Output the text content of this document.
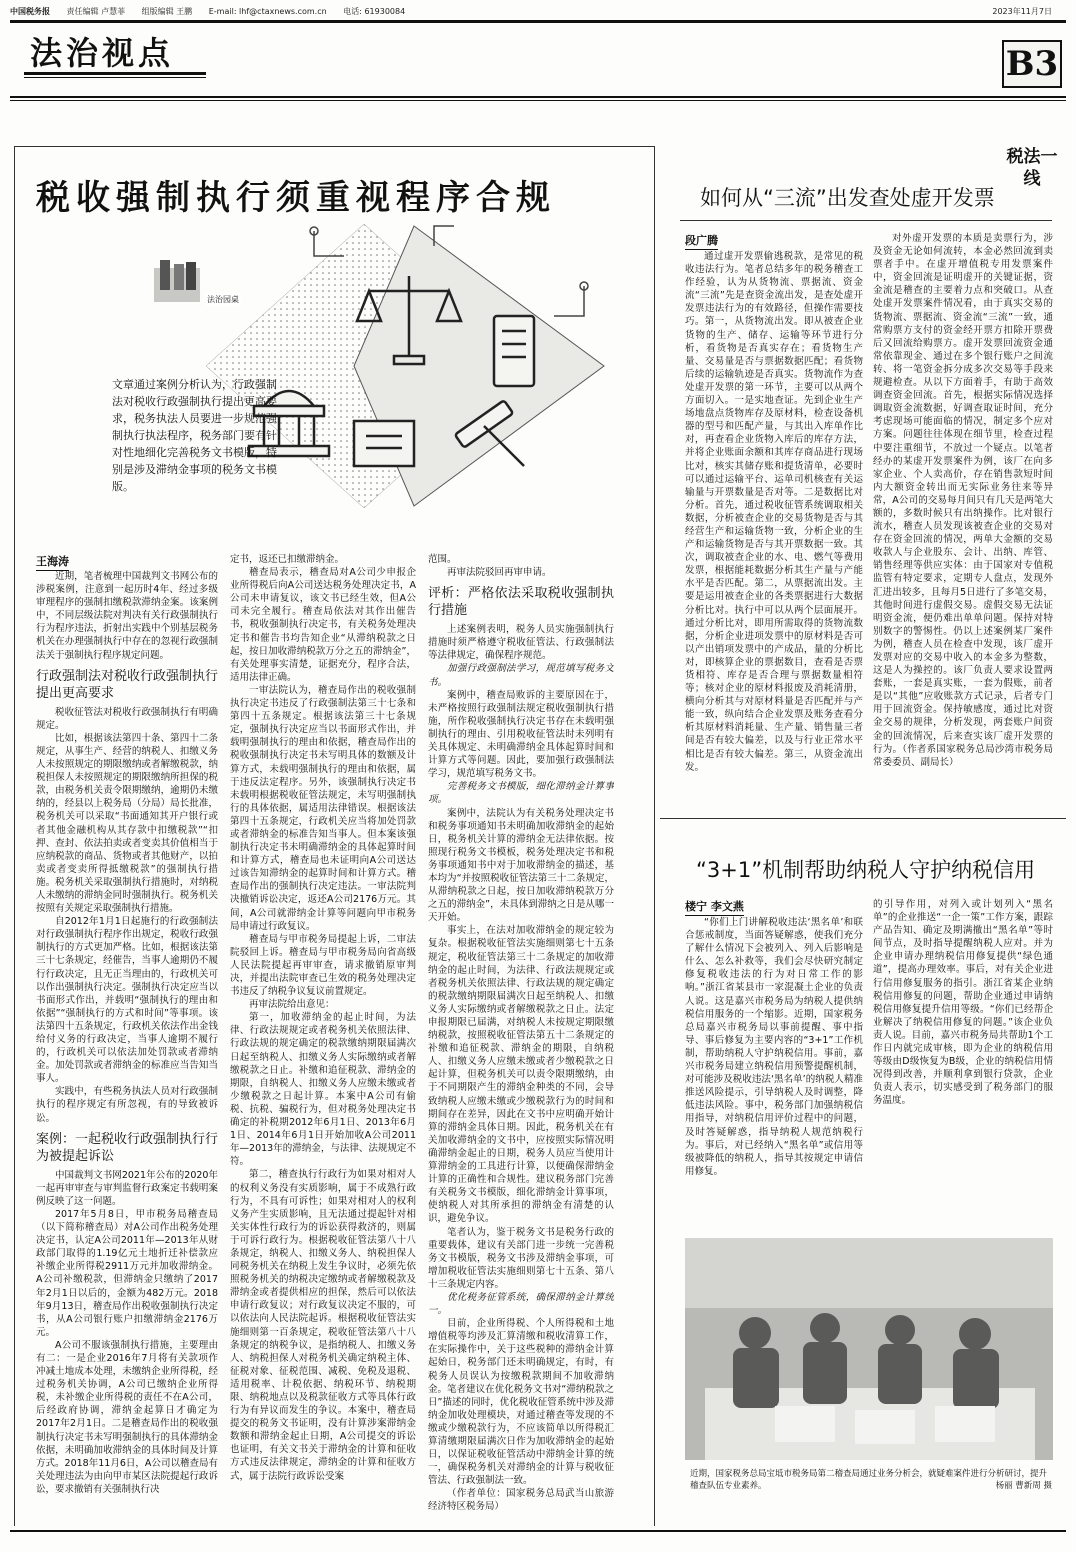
中国税务报 责任编辑 卢慧菲 组版编辑 王鹏 E-mail: lhf@ctaxnews.com.cn 电话: 61930084	2023年11月7日
法治视点	B3
税收强制执行须重视程序合规
法治园桌
文章通过案例分析认为，行政强制法对税收行政强制执行提出更高要求，税务执法人员要进一步规范强制执行执法程序，税务部门要有针对性地细化完善税务文书模版，特别是涉及滞纳金事项的税务文书模版。
王海涛

近期，笔者梳理中国裁判文书网公布的涉税案例，注意到一起历时4年、经过多级审理程序的强制扣缴税款滞纳金案。该案例中，不同层级法院对判决有关行政强制执行行为程序违法，折射出实践中个别基层税务机关在办理强制执行中存在的忽视行政强制法关于强制执行程序规定问题。

行政强制法对税收行政强制执行提出更高要求

税收征管法对税收行政强制执行有明确规定。

比如，根据该法第四十条、第四十二条规定，从事生产、经营的纳税人、扣缴义务人未按照规定的期限缴纳或者解缴税款，纳税担保人未按照规定的期限缴纳所担保的税款，由税务机关责令限期缴纳，逾期仍未缴纳的，经县以上税务局（分局）局长批准，税务机关可以采取“书面通知其开户银行或者其他金融机构从其存款中扣缴税款”“扣押、查封、依法拍卖或者变卖其价值相当于应纳税款的商品、货物或者其他财产，以拍卖或者变卖所得抵缴税款”的强制执行措施。税务机关采取强制执行措施时，对纳税人未缴纳的滞纳金同时强制执行。税务机关按照有关规定采取强制执行措施。

自2012年1月1日起施行的行政强制法对行政强制执行程序作出规定，税收行政强制执行的方式更加严格。比如，根据该法第三十七条规定，经催告，当事人逾期仍不履行行政决定，且无正当理由的，行政机关可以作出强制执行决定。强制执行决定应当以书面形式作出，并载明“强制执行的理由和依据”“强制执行的方式和时间”等事项。该法第四十五条规定，行政机关依法作出金钱给付义务的行政决定，当事人逾期不履行的，行政机关可以依法加处罚款或者滞纳金。加处罚款或者滞纳金的标准应当告知当事人。

实践中，有些税务执法人员对行政强制执行的程序规定有所忽视，有的导致被诉讼。

案例：一起税收行政强制执行行为被提起诉讼

中国裁判文书网2021年公布的2020年一起再审审查与审判监督行政案定书载明案例反映了这一问题。

2017年5月8日，甲市税务局稽查局（以下简称稽查局）对A公司作出税务处理决定书，认定A公司2011年—2013年从财政部门取得的1.19亿元土地折迁补偿款应补缴企业所得税2911万元并加收滞纳金。A公司补缴税款，但滞纳金只缴纳了2017年2月1日以后的，金额为482万元。2018年9月13日，稽查局作出税收强制执行决定书，从A公司银行账户扣缴滞纳金2176万元。

A公司不服该强制执行措施，主要理由有二：一是企业2016年7月将有关款项作冲减土地成本处理，未缴纳企业所得税，经过税务机关协调，A公司已缴纳企业所得税，未补缴企业所得税的责任不在A公司，后经政府协调，滞纳金起算日才确定为2017年2月1日。二是稽查局作出的税收强制执行决定书未写明强制执行的具体滞纳金依据，未明确加收滞纳金的具体时间及计算方式。2018年11月6日，A公司以稽查局有关处理违法为由向甲市某区法院提起行政诉讼，要求撤销有关强制执行决

定书，返还已扣缴滞纳金。

稽查局表示，稽查局对A公司少申报企业所得税后向A公司送达税务处理决定书，A公司未申请复议，该文书已经生效，但A公司未完全履行。稽查局依法对其作出催告书，税收强制执行决定书，有关税务处理决定书和催告书均告知企业“从滞纳税款之日起，按日加收滞纳税款万分之五的滞纳金”，有关处理事实清楚，证据充分，程序合法，适用法律正确。

一审法院认为，稽查局作出的税收强制执行决定书违反了行政强制法第三十七条和第四十五条规定。根据该法第三十七条规定，强制执行决定应当以书面形式作出，并载明强制执行的理由和依据，稽查局作出的税收强制执行决定书未写明具体的数额及计算方式，未载明强制执行的理由和依据，属于违反法定程序。另外，该强制执行决定书未载明根据税收征管法规定，未写明强制执行的具体依据，属适用法律错误。根据该法第四十五条规定，行政机关应当将加处罚款或者滞纳金的标准告知当事人。但本案该强制执行决定书未明确滞纳金的具体起算时间和计算方式，稽查局也未证明向A公司送达过该告知滞纳金的起算时间和计算方式。稽查局作出的强制执行决定违法。一审法院判决撤销诉讼决定，返还A公司2176万元。其间，A公司就滞纳金计算等问题向甲市税务局申请过行政复议。

稽查局与甲市税务局提起上诉，二审法院驳回上诉。稽查局与甲市税务局向省高级人民法院提起再审审查，请求撤销原审判决，并提出法院审查已生效的税务处理决定书违反了纳税争议复议前置规定。

再审法院给出意见：

第一，加收滞纳金的起止时间，为法律、行政法规规定或者税务机关依照法律、行政法规的规定确定的税款缴纳期限届满次日起至纳税人、扣缴义务人实际缴纳或者解缴税款之日止。补缴和追征税款、滞纳金的期限，自纳税人、扣缴义务人应缴未缴或者少缴税款之日起计算。本案中A公司有偷税、抗税、骗税行为，但对税务处理决定书确定的补税期2012年6月1日、2013年6月1日、2014年6月1日开始加收A公司2011年—2013年的滞纳金，与法律、法规规定不符。

第二，稽查执行行政行为如果对相对人的权利义务没有实质影响，属于不成熟行政行为，不具有可诉性；如果对相对人的权利义务产生实质影响，且无法通过提起针对相关实体性行政行为的诉讼获得救济的，则属于可诉行政行为。根据税收征管法第八十八条规定，纳税人、扣缴义务人、纳税担保人同税务机关在纳税上发生争议时，必须先依照税务机关的纳税决定缴纳或者解缴税款及滞纳金或者提供相应的担保，然后可以依法申请行政复议；对行政复议决定不服的，可以依法向人民法院起诉。根据税收征管法实施细则第一百条规定，税收征管法第八十八条规定的纳税争议，是指纳税人、扣缴义务人、纳税担保人对税务机关确定纳税主体、征税对象、征税范围、减税、免税及退税、适用税率、计税依据、纳税环节、纳税期限、纳税地点以及税款征收方式等具体行政行为有异议而发生的争议。本案中，稽查局提交的税务文书证明，没有计算涉案滞纳金数额和滞纳金起止日期，A公司提交的诉讼也证明，有关文书关于滞纳金的计算和征收方式违反法律规定，滞纳金的计算和征收方式，属于法院行政诉讼受案

范围。

再审法院驳回再审申请。

评析：严格依法采取税收强制执行措施

上述案例表明，税务人员实施强制执行措施时须严格遵守税收征管法、行政强制法等法律规定，确保程序规范。

加强行政强制法学习，规范填写税务文书。

案例中，稽查局败诉的主要原因在于，未严格按照行政强制法规定税收强制执行措施，所作税收强制执行决定书存在未载明强制执行的理由、引用税收征管法时未列明有关具体规定、未明确滞纳金具体起算时间和计算方式等问题。因此，要加强行政强制法学习，规范填写税务文书。

完善税务文书模版，细化滞纳金计算事项。

案例中，法院认为有关税务处理决定书和税务事项通知书未明确加收滞纳金的起始日，税务机关计算的滞纳金无法律依据。按照现行税务文书模板，税务处理决定书和税务事项通知书中对于加收滞纳金的描述，基本均为“并按照税收征管法第三十二条规定，从滞纳税款之日起，按日加收滞纳税款万分之五的滞纳金”，未具体到滞纳之日是从哪一天开始。

事实上，在法对加收滞纳金的规定较为复杂。根据税收征管法实施细则第七十五条规定，税收征管法第三十二条规定的加收滞纳金的起止时间，为法律、行政法规规定或者税务机关依照法律、行政法规的规定确定的税款缴纳期限届满次日起至纳税人、扣缴义务人实际缴纳或者解缴税款之日止。法定申报期限已届满，对纳税人未按规定期限缴纳税款，按照税收征管法第五十二条规定的补缴和追征税款、滞纳金的期限，自纳税人、扣缴义务人应缴未缴或者少缴税款之日起计算，但税务机关可以责令限期缴纳，由于不同期限产生的滞纳金种类的不同，会导致纳税人应缴未缴或少缴税款行为的时间和期间存在差异，因此在文书中应明确开始计算的滞纳金具体日期。因此，税务机关在有关加收滞纳金的文书中，应按照实际情况明确滞纳金起止的日期，税务人员应当使用计算滞纳金的工具进行计算，以便确保滞纳金计算的正确性和合规性。建议税务部门完善有关税务文书模版，细化滞纳金计算事项，使纳税人对其所承担的滞纳金有清楚的认识，避免争议。

笔者认为，鉴于税务文书是税务行政的重要载体，建议有关部门进一步统一完善税务文书模版，税务文书涉及滞纳金事项，可增加税收征管法实施细则第七十五条、第八十三条规定内容。

优化税务征管系统，确保滞纳金计算统一。

目前，企业所得税、个人所得税和土地增值税等均涉及汇算清缴和税收清算工作，在实际操作中，关于这些税种的滞纳金计算起始日，税务部门还未明确规定，有时，有税务人员误认为按缴税款期间不加收滞纳金。笔者建议在优化税务文书对“滞纳税款之日”描述的同时，优化税收征管系统中涉及滞纳金加收处理模块，对通过稽查等发现的不缴或少缴税款行为，不应该简单以所得税汇算清缴期限届满次日作为加收滞纳金的起始日，以保证税收征管活动中滞纳金计算的统一，确保税务机关对滞纳金的计算与税收征管法、行政强制法一致。

（作者单位：国家税务总局武当山旅游经济特区税务局）

税法一线
如何从“三流”出发查处虚开发票
段广腾

通过虚开发票偷逃税款，是常见的税收违法行为。笔者总结多年的税务稽查工作经验，认为从货物流、票据流、资金流“三流”先是查资金流出发，是查处虚开发票违法行为的有效路径，但操作需要技巧。第一，从货物流出发。即从被查企业货物的生产、储存、运输等环节进行分析，看货物是否真实存在；看货物生产量、交易量是否与票据数据匹配；看货物后续的运输轨迹是否真实。货物流作为查处虚开发票的第一环节，主要可以从两个方面切入。一是实地查证。先到企业生产场地盘点货物库存及原材料，检查设备机器的型号和匹配产量，与其出入库单作比对，再查看企业货物入库后的库存方法，并将企业账面余额和其库存商品进行现场比对，核实其储存账和提货清单，必要时可以通过运输平台、运单司机核查有关运输量与开票数量是否对等。二是数据比对分析。首先，通过税收征管系统调取相关数据，分析被查企业的交易货物是否与其经营生产和运输货物一致，分析企业的生产和运输货物是否与其开票数据一致。其次，调取被查企业的水、电、燃气等费用发票，根据能耗数据分析其生产量与产能水平是否匹配。第二，从票据流出发。主要是运用被查企业的各类票据进行大数据分析比对。执行中可以从两个层面展开。通过分析比对，即用所需取得的货物流数据，分析企业进项发票中的原材料是否可以产出销项发票中的产成品，量的分析比对，即核算企业的票据数目，查看是否票货相符、库存是否合理与票据数量相符等；核对企业的原材料报废及消耗清册，横向分析其与对原材料量是否匹配并与产能一致，纵向结合企业发票及账务查看分析其原材料消耗量、生产量、销售量三者间是否有较大偏差，以及与行业正常水平相比是否有较大偏差。第三，从资金流出发。

对外虚开发票的本质是卖票行为，涉及资金无论如何流转，本金必然回流到卖票者手中。在虚开增值税专用发票案件中，资金回流是证明虚开的关键证据，资金流是稽查的主要着力点和突破口。从查处虚开发票案件情况看，由于真实交易的货物流、票据流、资金流“三流”一致，通常购票方支付的资金经开票方扣除开票费后又回流给购票方。虚开发票回流资金通常依靠现金、通过在多个银行账户之间流转、将一笔资金拆分成多次交易等手段来规避检查。从以下方面着手，有助于高效调查资金回流。首先，根据实际情况选择调取资金流数据，好调查取证时间，充分考虑现场可能面临的情况，制定多个应对方案。问题往往体现在细节里，检查过程中要注重细节，不放过一个疑点。以笔者经办的某虚开发票案件为例，该厂在向多家企业、个人卖高价，存在销售款短时间内大额资金转出而无实际业务往来等异常，A公司的交易每月间只有几天是两笔大额的，多数时候只有出纳操作。比对银行流水，稽查人员发现该被查企业的交易对存在资金回流的情况，两单大金额的交易收款人与企业股东、会计、出纳、库管、销售经理等供应实体：由于国家对专值税监管有特定要求，定期专人盘点，发现外汇进出较多，且每月5日进行了多笔交易，其他时间进行虚假交易。虚假交易无法证明资金流，便仍难出单单问题。保持对特别数字的警惕性。仍以上述案例某厂案件为例，稽查人员在检查中发现，该厂虚开发票对应的交易中收入的本金多为整数，这是人为操控的。该厂负责人要求设置两套账，一套是真实账，一套为假账，前者是以“其他”应收账款方式记录，后者专门用于回流资金。保持敏感度，通过比对资金交易的规律，分析发现，两套账户间资金的回流情况，后来查实该厂虚开发票的行为。（作者系国家税务总局沙湾市税务局常委委员、副局长）

“3+1”机制帮助纳税人守护纳税信用
楼宁 李文燕

“你们上门讲解税收违法‘黑名单’和联合惩戒制度，当面答疑解惑，使我们充分了解什么情况下会被列入、列入后影响是什么、怎么补救等，我们会尽快研究制定修复税收违法的行为对日常工作的影响。”浙江省某县市一家混凝土企业的负责人说。这是嘉兴市税务局为纳税人提供纳税信用服务的一个缩影。近期，国家税务总局嘉兴市税务局以事前提醒、事中指导、事后修复为主要内容的“3+1”工作机制，帮助纳税人守护纳税信用。事前，嘉兴市税务局建立纳税信用预警提醒机制，对可能涉及税收违法‘黑名单’的纳税人精准推送风险提示，引导纳税人及时调整，降低违法风险。事中，税务部门加强纳税信用指导，对纳税信用评价过程中的问题，及时答疑解惑，指导纳税人规范纳税行为。事后，对已经纳入“黑名单”或信用等级被降低的纳税人，指导其按规定申请信用修复。

的引导作用，对列入或计划列入“黑名单”的企业推送“一企一策”工作方案，跟踪产品告知、确定及期满撤出“黑名单”等时间节点，及时指导提醒纳税人应对。并为企业申请办理纳税信用修复提供“绿色通道”，提高办理效率。事后，对有关企业进行信用修复服务的指引。浙江省某企业纳税信用修复的问题，帮助企业通过申请纳税信用修复提升信用等级。“你们已经帮企业解决了纳税信用修复的问题。”该企业负责人说。目前，嘉兴市税务局共帮助1个工作日内就完成审核，即为企业的纳税信用等级由D级恢复为B级，企业的纳税信用情况得到改善，并顺利拿到银行贷款，企业负责人表示，切实感受到了税务部门的服务温度。

近期，国家税务总局宝坻市税务局第二稽查局通过业务分析会，就疑难案件进行分析研讨，提升稽查队伍专业素养。	杨丽 曹新周 摄
